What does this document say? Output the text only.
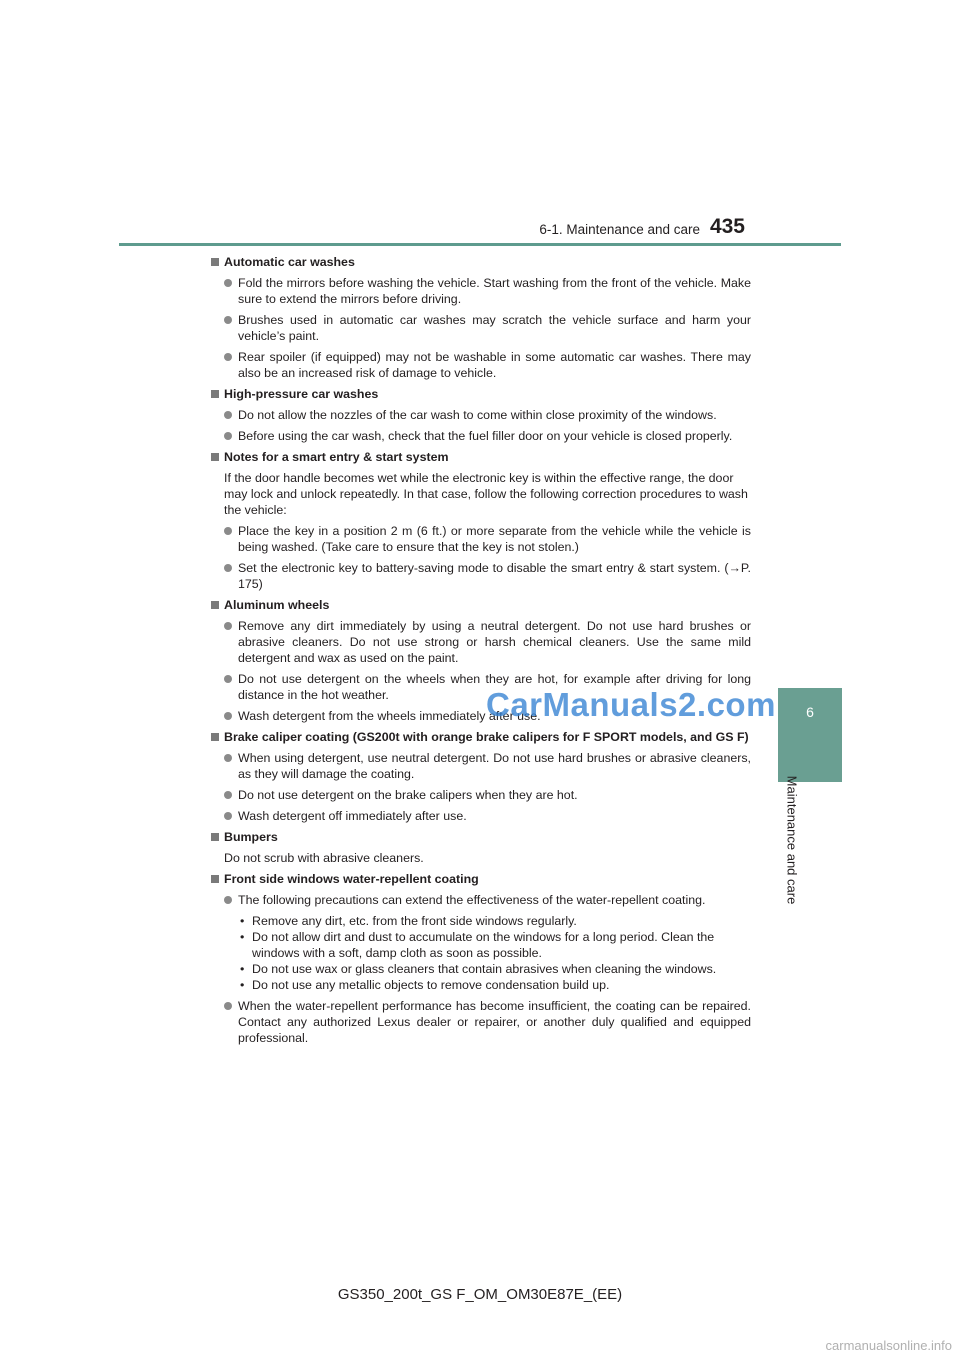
6-1. Maintenance and care 435
6
Maintenance and care
Automatic car washes
Fold the mirrors before washing the vehicle. Start washing from the front of the vehicle. Make sure to extend the mirrors before driving.
Brushes used in automatic car washes may scratch the vehicle surface and harm your vehicle’s paint.
Rear spoiler (if equipped) may not be washable in some automatic car washes. There may also be an increased risk of damage to vehicle.
High-pressure car washes
Do not allow the nozzles of the car wash to come within close proximity of the windows.
Before using the car wash, check that the fuel filler door on your vehicle is closed properly.
Notes for a smart entry & start system
If the door handle becomes wet while the electronic key is within the effective range, the door may lock and unlock repeatedly. In that case, follow the following correction procedures to wash the vehicle:
Place the key in a position 2 m (6 ft.) or more separate from the vehicle while the vehicle is being washed. (Take care to ensure that the key is not stolen.)
Set the electronic key to battery-saving mode to disable the smart entry & start system. (→P. 175)
Aluminum wheels
Remove any dirt immediately by using a neutral detergent. Do not use hard brushes or abrasive cleaners. Do not use strong or harsh chemical cleaners. Use the same mild detergent and wax as used on the paint.
Do not use detergent on the wheels when they are hot, for example after driving for long distance in the hot weather.
Wash detergent from the wheels immediately after use.
Brake caliper coating (GS200t with orange brake calipers for F SPORT models, and GS F)
When using detergent, use neutral detergent. Do not use hard brushes or abrasive cleaners, as they will damage the coating.
Do not use detergent on the brake calipers when they are hot.
Wash detergent off immediately after use.
Bumpers
Do not scrub with abrasive cleaners.
Front side windows water-repellent coating
The following precautions can extend the effectiveness of the water-repellent coating.
• Remove any dirt, etc. from the front side windows regularly.
• Do not allow dirt and dust to accumulate on the windows for a long period. Clean the windows with a soft, damp cloth as soon as possible.
• Do not use wax or glass cleaners that contain abrasives when cleaning the windows.
• Do not use any metallic objects to remove condensation build up.
When the water-repellent performance has become insufficient, the coating can be repaired. Contact any authorized Lexus dealer or repairer, or another duly qualified and equipped professional.
CarManuals2.com
GS350_200t_GS F_OM_OM30E87E_(EE)
carmanualsonline.info
